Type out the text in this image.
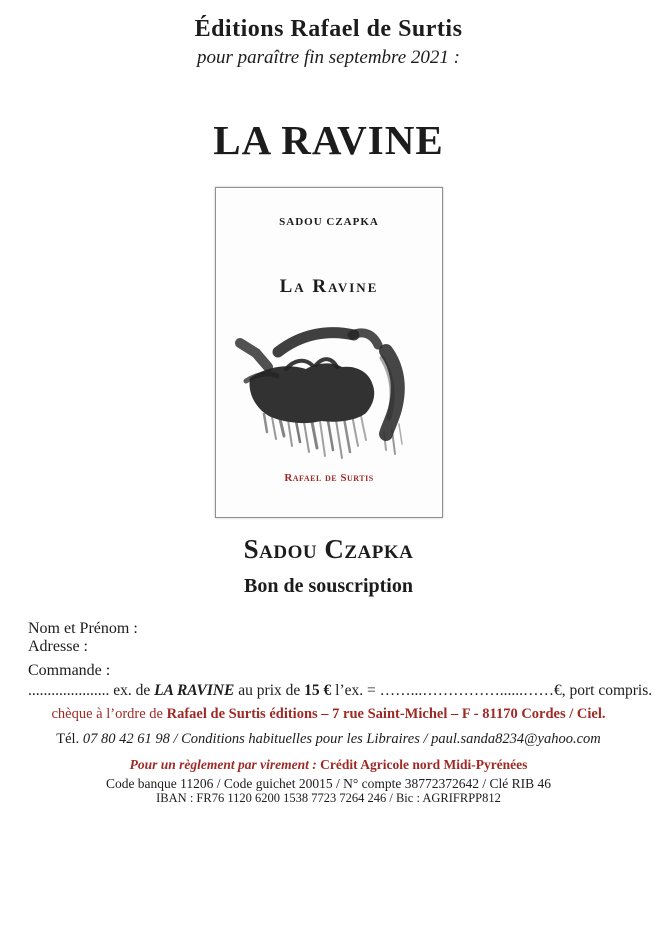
Éditions Rafael de Surtis
pour paraître fin septembre 2021 :
LA RAVINE
SADOU CZAPKA
La Ravine
Rafael de Surtis
Sadou Czapka
Bon de souscription
Nom et Prénom :
Adresse :
Commande :
..................... ex. de LA RAVINE au prix de 15 € l’ex. = ……...……………......……€, port compris.
chèque à l’ordre de Rafael de Surtis éditions – 7 rue Saint-Michel – F - 81170 Cordes / Ciel.
Tél. 07 80 42 61 98 / Conditions habituelles pour les Libraires / paul.sanda8234@yahoo.com
Pour un règlement par virement : Crédit Agricole nord Midi-Pyrénées
Code banque 11206 / Code guichet 20015 / N° compte 38772372642 / Clé RIB 46
IBAN : FR76 1120 6200 1538 7723 7264 246 / Bic : AGRIFRPP812
